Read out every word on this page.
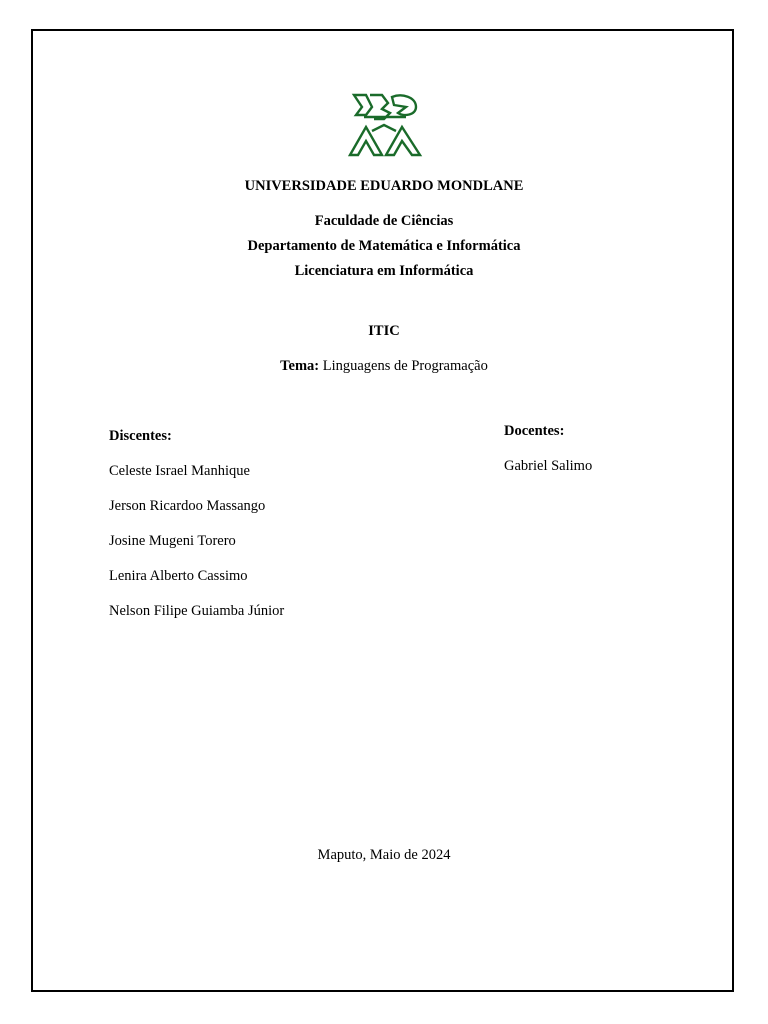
UNIVERSIDADE EDUARDO MONDLANE
Faculdade de Ciências
Departamento de Matemática e Informática
Licenciatura em Informática
ITIC
Tema: Linguagens de Programação
Discentes:
Celeste Israel Manhique
Jerson Ricardoo Massango
Josine Mugeni Torero
Lenira Alberto Cassimo
Nelson Filipe Guiamba Júnior
Docentes:
Gabriel Salimo
Maputo, Maio de 2024
